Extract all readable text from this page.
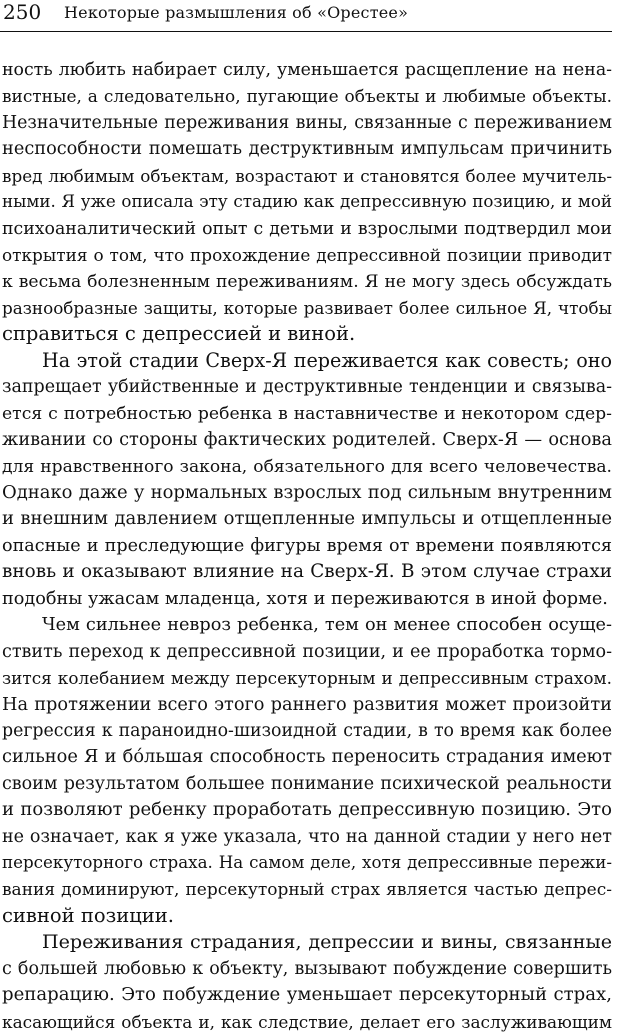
250 Некоторые размышления об «Орестее»
ность любить набирает силу, уменьшается расщепление на нена-
вистные, а следовательно, пугающие объекты и любимые объекты.
Незначительные переживания вины, связанные с переживанием
неспособности помешать деструктивным импульсам причинить
вред любимым объектам, возрастают и становятся более мучитель-
ными. Я уже описала эту стадию как депрессивную позицию, и мой
психоаналитический опыт с детьми и взрослыми подтвердил мои
открытия о том, что прохождение депрессивной позиции приводит
к весьма болезненным переживаниям. Я не могу здесь обсуждать
разнообразные защиты, которые развивает более сильное Я, чтобы
справиться с депрессией и виной.
На этой стадии Сверх-Я переживается как совесть; оно
запрещает убийственные и деструктивные тенденции и связыва-
ется с потребностью ребенка в наставничестве и некотором сдер-
живании со стороны фактических родителей. Сверх-Я — основа
для нравственного закона, обязательного для всего человечества.
Однако даже у нормальных взрослых под сильным внутренним
и внешним давлением отщепленные импульсы и отщепленные
опасные и преследующие фигуры время от времени появляются
вновь и оказывают влияние на Сверх-Я. В этом случае страхи
подобны ужасам младенца, хотя и переживаются в иной форме.
Чем сильнее невроз ребенка, тем он менее способен осуще-
ствить переход к депрессивной позиции, и ее проработка тормо-
зится колебанием между персекуторным и депрессивным страхом.
На протяжении всего этого раннего развития может произойти
регрессия к параноидно-шизоидной стадии, в то время как более
сильное Я и бóльшая способность переносить страдания имеют
своим результатом большее понимание психической реальности
и позволяют ребенку проработать депрессивную позицию. Это
не означает, как я уже указала, что на данной стадии у него нет
персекуторного страха. На самом деле, хотя депрессивные пережи-
вания доминируют, персекуторный страх является частью депрес-
сивной позиции.
Переживания страдания, депрессии и вины, связанные
с большей любовью к объекту, вызывают побуждение совершить
репарацию. Это побуждение уменьшает персекуторный страх,
касающийся объекта и, как следствие, делает его заслуживающим
